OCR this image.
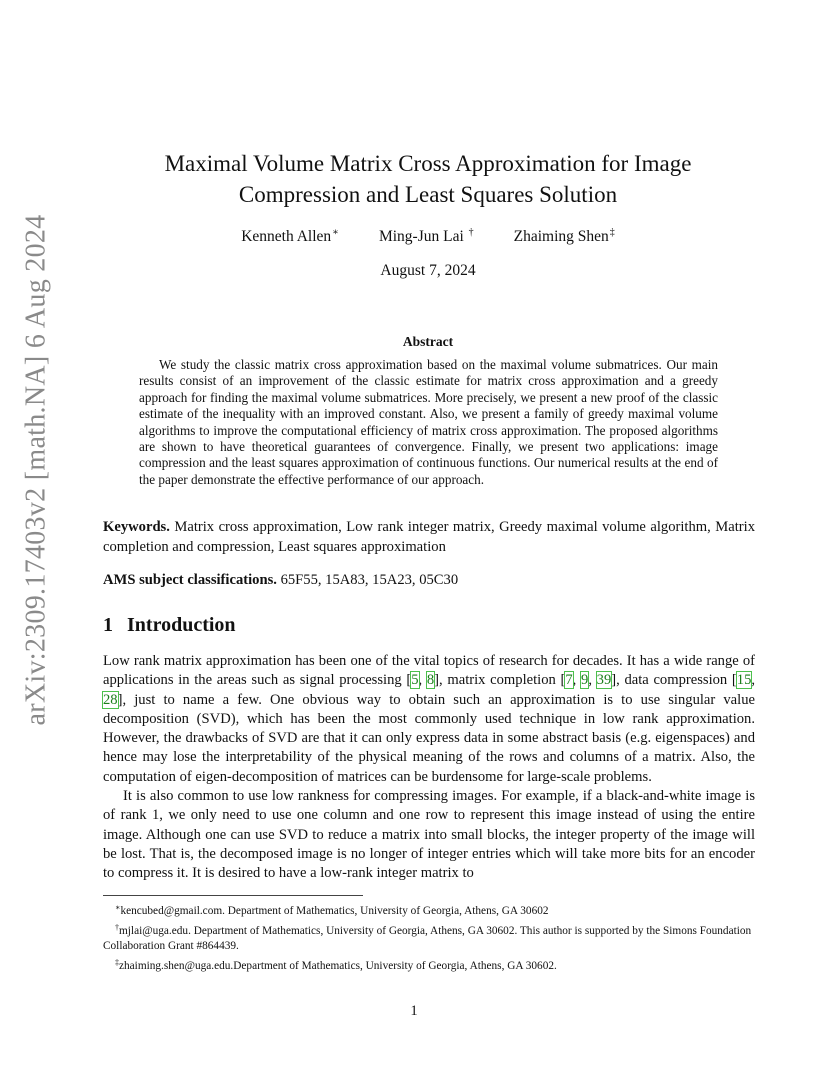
arXiv:2309.17403v2 [math.NA] 6 Aug 2024
Maximal Volume Matrix Cross Approximation for Image Compression and Least Squares Solution
Kenneth Allen∗	Ming-Jun Lai †	Zhaiming Shen‡
August 7, 2024
Abstract

We study the classic matrix cross approximation based on the maximal volume submatrices. Our main results consist of an improvement of the classic estimate for matrix cross approximation and a greedy approach for finding the maximal volume submatrices. More precisely, we present a new proof of the classic estimate of the inequality with an improved constant. Also, we present a family of greedy maximal volume algorithms to improve the computational efficiency of matrix cross approximation. The proposed algorithms are shown to have theoretical guarantees of convergence. Finally, we present two applications: image compression and the least squares approximation of continuous functions. Our numerical results at the end of the paper demonstrate the effective performance of our approach.

Keywords. Matrix cross approximation, Low rank integer matrix, Greedy maximal volume algorithm, Matrix completion and compression, Least squares approximation

AMS subject classifications. 65F55, 15A83, 15A23, 05C30

1 Introduction

Low rank matrix approximation has been one of the vital topics of research for decades. It has a wide range of applications in the areas such as signal processing [5, 8], matrix completion [7, 9, 39], data compression [15, 28], just to name a few. One obvious way to obtain such an approximation is to use singular value decomposition (SVD), which has been the most commonly used technique in low rank approximation. However, the drawbacks of SVD are that it can only express data in some abstract basis (e.g. eigenspaces) and hence may lose the interpretability of the physical meaning of the rows and columns of a matrix. Also, the computation of eigen-decomposition of matrices can be burdensome for large-scale problems.

It is also common to use low rankness for compressing images. For example, if a black-and-white image is of rank 1, we only need to use one column and one row to represent this image instead of using the entire image. Although one can use SVD to reduce a matrix into small blocks, the integer property of the image will be lost. That is, the decomposed image is no longer of integer entries which will take more bits for an encoder to compress it. It is desired to have a low-rank integer matrix to

∗kencubed@gmail.com. Department of Mathematics, University of Georgia, Athens, GA 30602

†mjlai@uga.edu. Department of Mathematics, University of Georgia, Athens, GA 30602. This author is supported by the Simons Foundation Collaboration Grant #864439.

‡zhaiming.shen@uga.edu.Department of Mathematics, University of Georgia, Athens, GA 30602.

1
